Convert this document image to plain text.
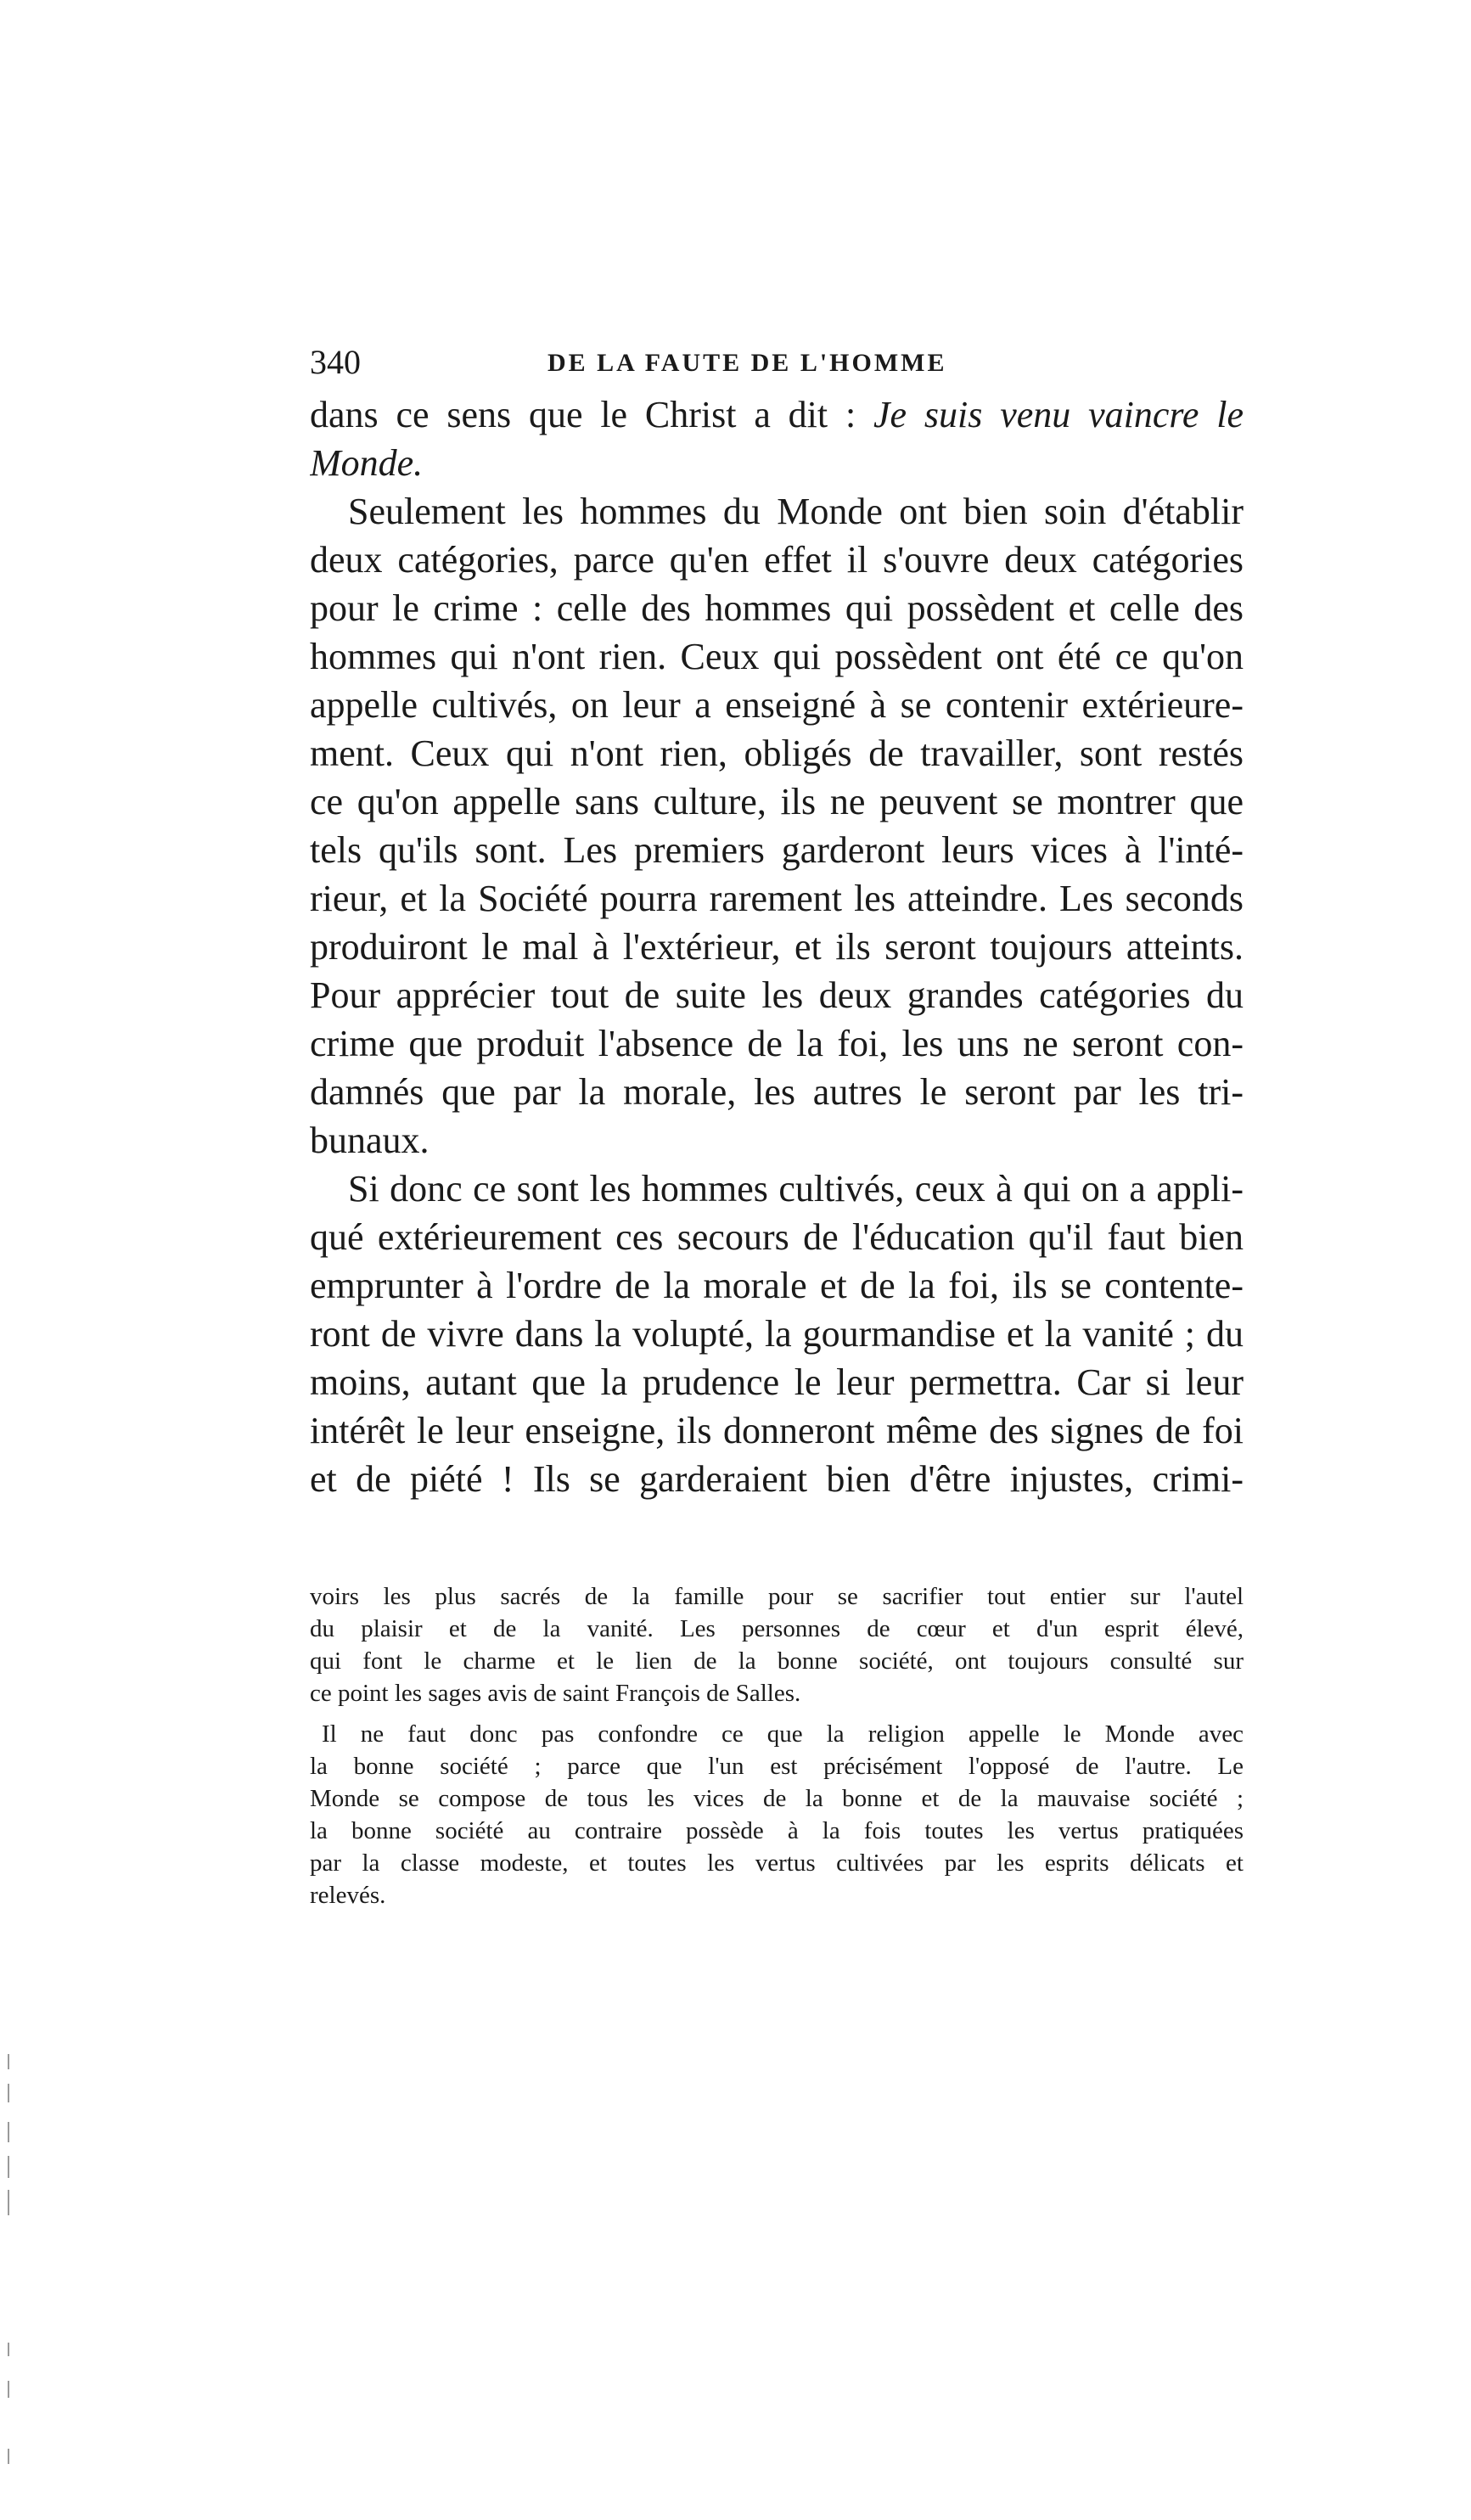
340	DE LA FAUTE DE L'HOMME

dans ce sens que le Christ a dit : Je suis venu vaincre le
Monde.

Seulement les hommes du Monde ont bien soin d'établir
deux catégories, parce qu'en effet il s'ouvre deux catégories
pour le crime : celle des hommes qui possèdent et celle des
hommes qui n'ont rien. Ceux qui possèdent ont été ce qu'on
appelle cultivés, on leur a enseigné à se contenir extérieure-
ment. Ceux qui n'ont rien, obligés de travailler, sont restés
ce qu'on appelle sans culture, ils ne peuvent se montrer que
tels qu'ils sont. Les premiers garderont leurs vices à l'inté-
rieur, et la Société pourra rarement les atteindre. Les seconds
produiront le mal à l'extérieur, et ils seront toujours atteints.
Pour apprécier tout de suite les deux grandes catégories du
crime que produit l'absence de la foi, les uns ne seront con-
damnés que par la morale, les autres le seront par les tri-
bunaux.

Si donc ce sont les hommes cultivés, ceux à qui on a appli-
qué extérieurement ces secours de l'éducation qu'il faut bien
emprunter à l'ordre de la morale et de la foi, ils se contente-
ront de vivre dans la volupté, la gourmandise et la vanité ; du
moins, autant que la prudence le leur permettra. Car si leur
intérêt le leur enseigne, ils donneront même des signes de foi
et de piété ! Ils se garderaient bien d'être injustes, crimi-

voirs les plus sacrés de la famille pour se sacrifier tout entier sur l'autel
du plaisir et de la vanité. Les personnes de cœur et d'un esprit élevé,
qui font le charme et le lien de la bonne société, ont toujours consulté sur
ce point les sages avis de saint François de Salles.
Il ne faut donc pas confondre ce que la religion appelle le Monde avec
la bonne société ; parce que l'un est précisément l'opposé de l'autre. Le
Monde se compose de tous les vices de la bonne et de la mauvaise société ;
la bonne société au contraire possède à la fois toutes les vertus pratiquées
par la classe modeste, et toutes les vertus cultivées par les esprits délicats et
relevés.
